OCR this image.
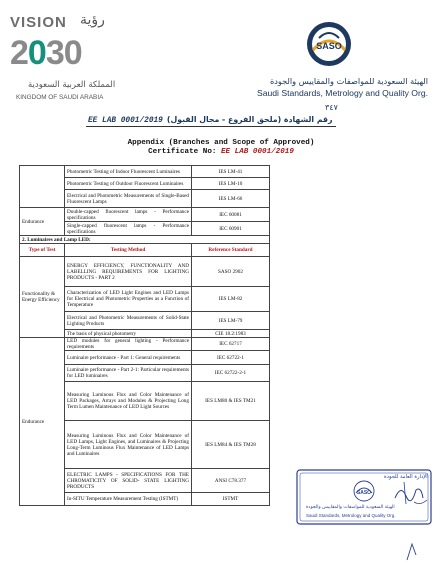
VISION رؤية
2030
المملكة العربية السعودية
KINGDOM OF SAUDI ARABIA
SASO
الهيئة السعودية للمواصفات والمقاييس والجودة
Saudi Standards, Metrology and Quality Org.
٣٤٧
EE LAB 0001/2019 رقم الشهادة (ملحق الفروع - مجال القبول)
Appendix (Branches and Scope of Approved)
Certificate No: EE LAB 0001/2019
	Photometric Testing of Indoor Fluorescent Luminaires	IES LM-41
	Photometric Testing of Outdoor Fluorescent Luminaires	IES LM-10
	Electrical and Photometric Measurements of Single-Based Fluorescent Lamps	IES LM-66
Endurance	Double-capped fluorescent lamps - Performance specifications	IEC 60081
	Single-capped fluorescent lamps - Performance specifications	IEC 60901
2. Luminaires and Lamp LED:		
Type of Test	Testing Method	Reference Standard
Functionality & Energy Efficiency	ENERGY EFFICIENCY, FUNCTIONALITY AND LABELLING REQUIREMENTS FOR LIGHTING PRODUCTS - PART 2	SASO 2902
	Characterization of LED Light Engines and LED Lamps for Electrical and Photometric Properties as a Function of Temperature	IES LM-82
	Electrical and Photometric Measurements of Solid-State Lighting Products	IES LM-79
	The basis of physical photometry	CIE 18.2:1983
Endurance	LED modules for general lighting - Performance requirements	IEC 62717
	Luminaire performance - Part 1: General requirements	IEC 62722-1
	Luminaire performance - Part 2-1: Particular requirements for LED luminaires	IEC 62722-2-1
	Measuring Luminous Flux and Color Maintenance of LED Packages, Arrays and Modules & Projecting Long Term Lumen Maintenance of LED Light Sources	IES LM80 & IES TM21
	Measuring Luminous Flux and Color Maintenance of LED Lamps, Light Engines, and Luminaires & Projecting Long-Term Luminous Flux Maintenance of LED Lamps and Luminaires	IES LM84 & IES TM28
	ELECTRIC LAMPS - SPECIFICATIONS FOR THE CHROMATICITY OF SOLID- STATE LIGHTING PRODUCTS	ANSI C78.377
	In-SITU Temperature Measurement Testing (ISTMT)	ISTMT
SASO
الإدارة العامة للجودة
الهيئة السعودية للمواصفات والمقاييس والجودة
Saudi Standards, Metrology and Quality Org.
